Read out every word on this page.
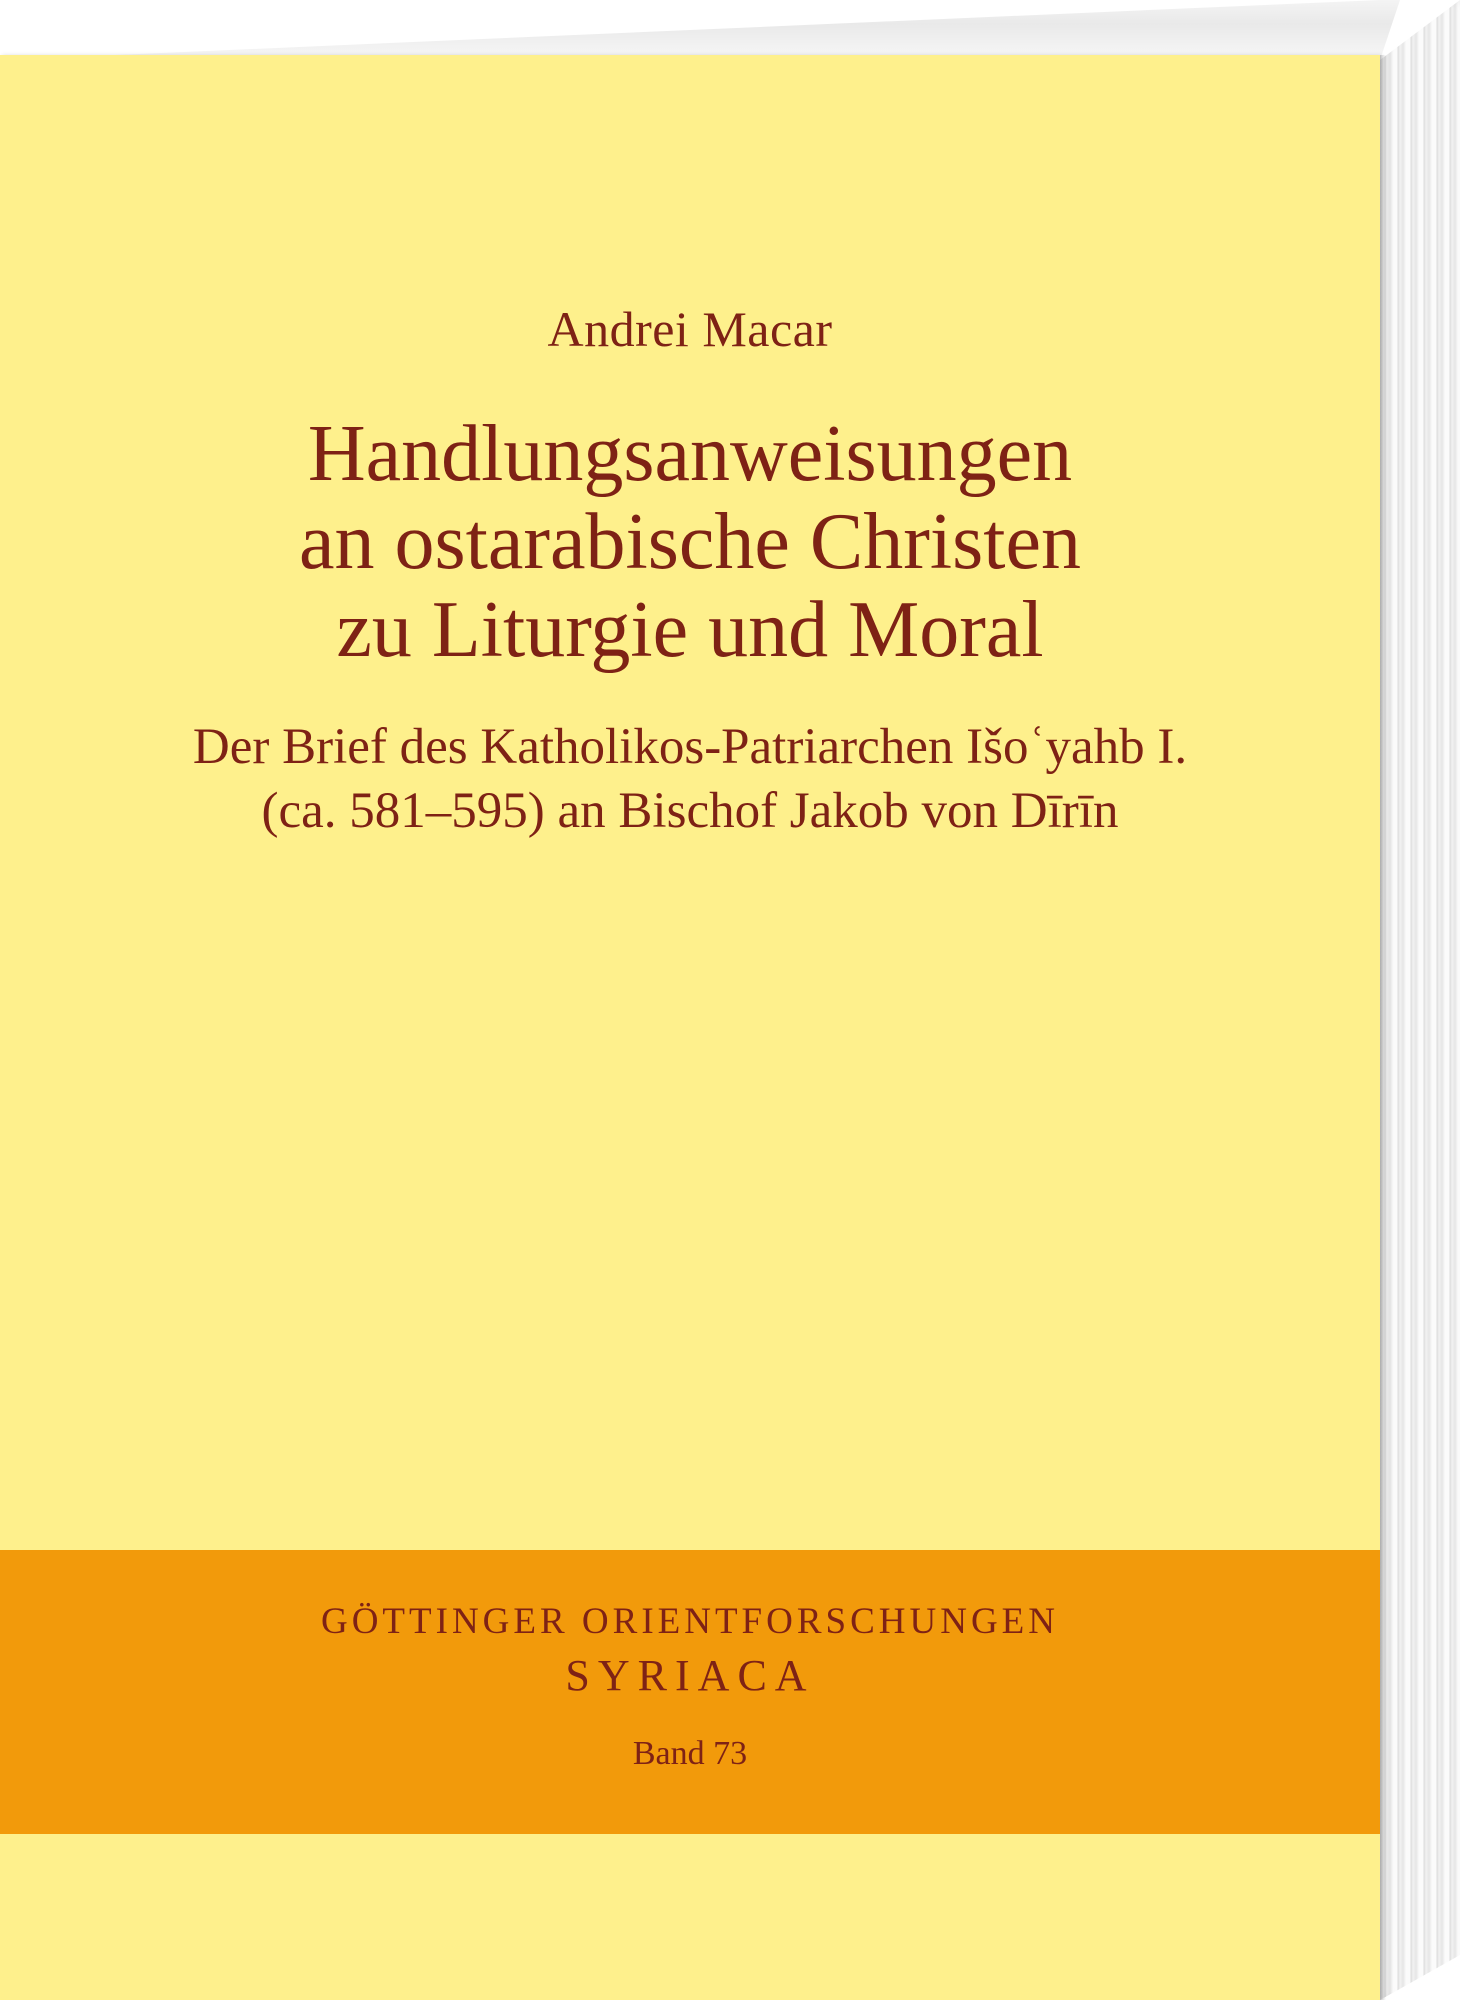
Andrei Macar
Handlungsanweisungen
an ostarabische Christen
zu Liturgie und Moral
Der Brief des Katholikos-Patriarchen Išoʿyahb I.
(ca. 581–595) an Bischof Jakob von Dīrīn
GÖTTINGER ORIENTFORSCHUNGEN
SYRIACA
Band 73
